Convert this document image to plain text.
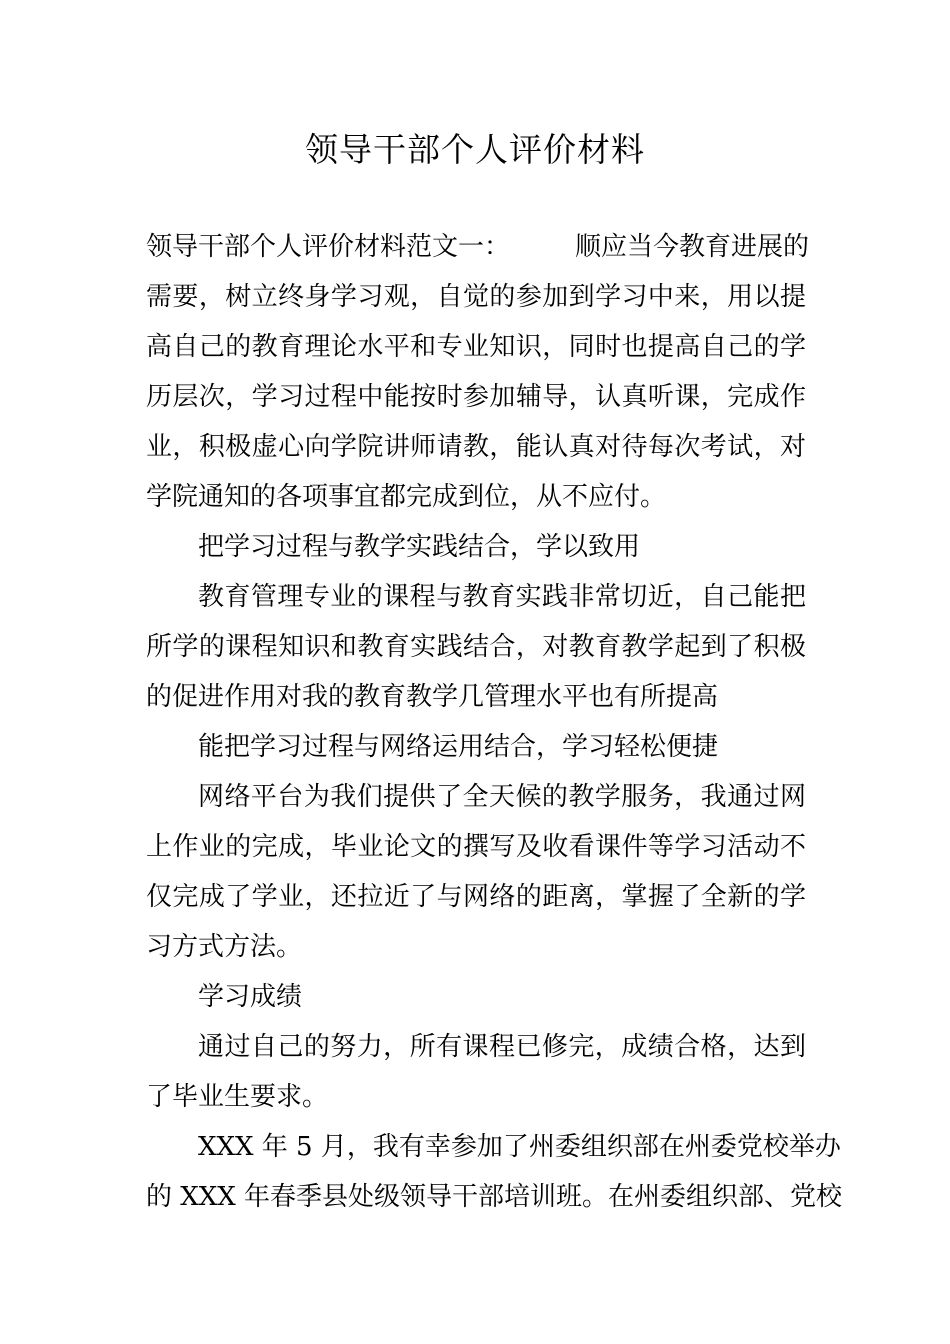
领导干部个人评价材料
领导干部个人评价材料范文一：　　　顺应当今教育进展的
需要，树立终身学习观，自觉的参加到学习中来，用以提
高自己的教育理论水平和专业知识，同时也提高自己的学
历层次，学习过程中能按时参加辅导，认真听课，完成作
业，积极虚心向学院讲师请教，能认真对待每次考试，对
学院通知的各项事宜都完成到位，从不应付。
把学习过程与教学实践结合，学以致用
教育管理专业的课程与教育实践非常切近，自己能把
所学的课程知识和教育实践结合，对教育教学起到了积极
的促进作用对我的教育教学几管理水平也有所提高
能把学习过程与网络运用结合，学习轻松便捷
网络平台为我们提供了全天候的教学服务，我通过网
上作业的完成，毕业论文的撰写及收看课件等学习活动不
仅完成了学业，还拉近了与网络的距离，掌握了全新的学
习方式方法。
学习成绩
通过自己的努力，所有课程已修完，成绩合格，达到
了毕业生要求。
XXX 年 5 月，我有幸参加了州委组织部在州委党校举办
的 XXX 年春季县处级领导干部培训班。在州委组织部、党校
